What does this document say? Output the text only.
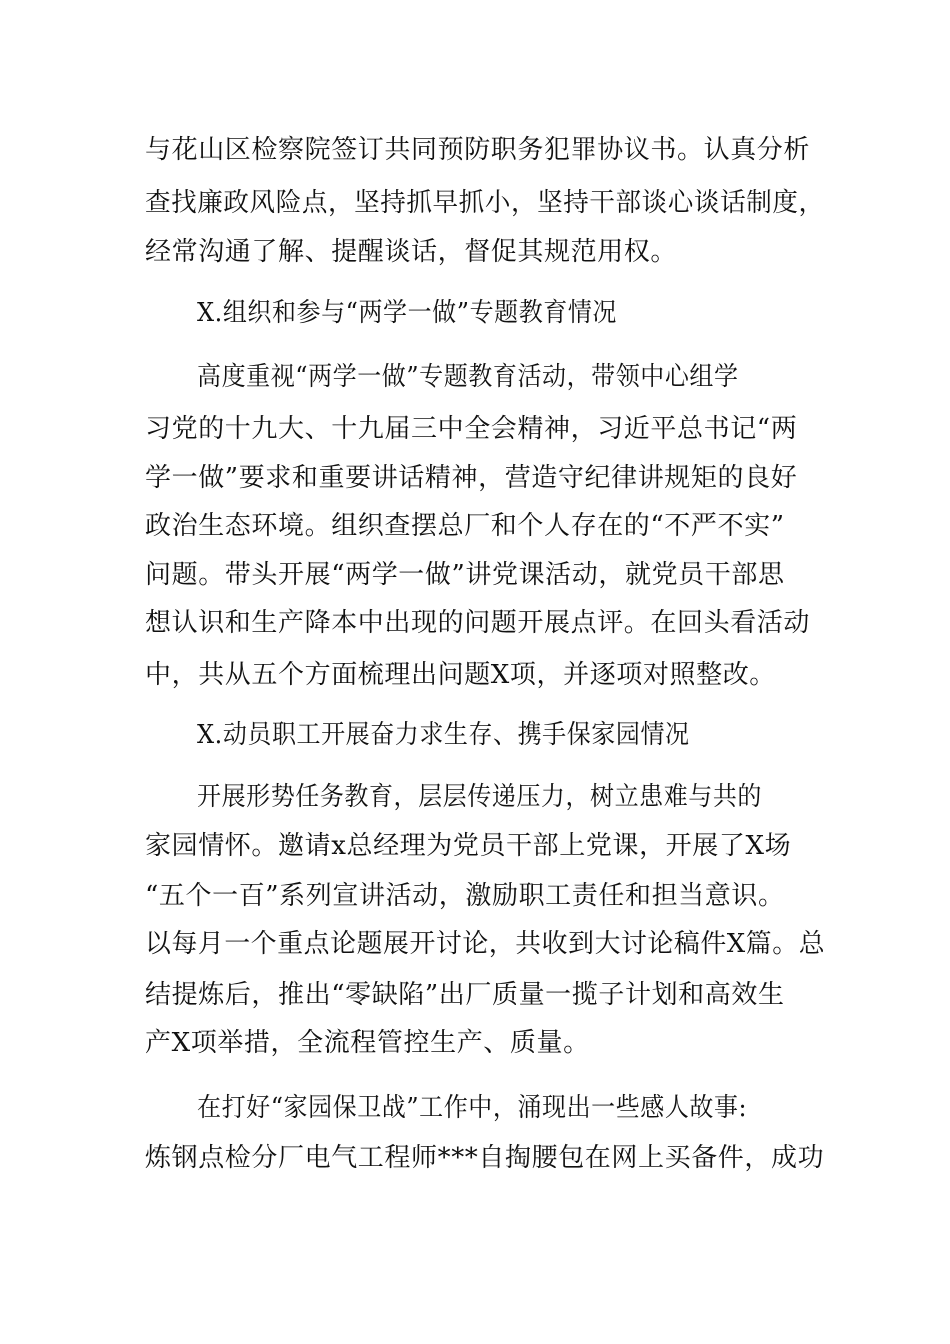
与花山区检察院签订共同预防职务犯罪协议书。认真分析
查找廉政风险点，坚持抓早抓小，坚持干部谈心谈话制度，
经常沟通了解、提醒谈话，督促其规范用权。
X.组织和参与“两学一做”专题教育情况
高度重视“两学一做”专题教育活动，带领中心组学
习党的十九大、十九届三中全会精神，习近平总书记“两
学一做”要求和重要讲话精神，营造守纪律讲规矩的良好
政治生态环境。组织查摆总厂和个人存在的“不严不实”
问题。带头开展“两学一做”讲党课活动，就党员干部思
想认识和生产降本中出现的问题开展点评。在回头看活动
中，共从五个方面梳理出问题X项，并逐项对照整改。
X.动员职工开展奋力求生存、携手保家园情况
开展形势任务教育，层层传递压力，树立患难与共的
家园情怀。邀请x总经理为党员干部上党课，开展了X场
“五个一百”系列宣讲活动，激励职工责任和担当意识。
以每月一个重点论题展开讨论，共收到大讨论稿件X篇。总
结提炼后，推出“零缺陷”出厂质量一揽子计划和高效生
产X项举措，全流程管控生产、质量。
在打好“家园保卫战”工作中，涌现出一些感人故事:
炼钢点检分厂电气工程师***自掏腰包在网上买备件，成功
